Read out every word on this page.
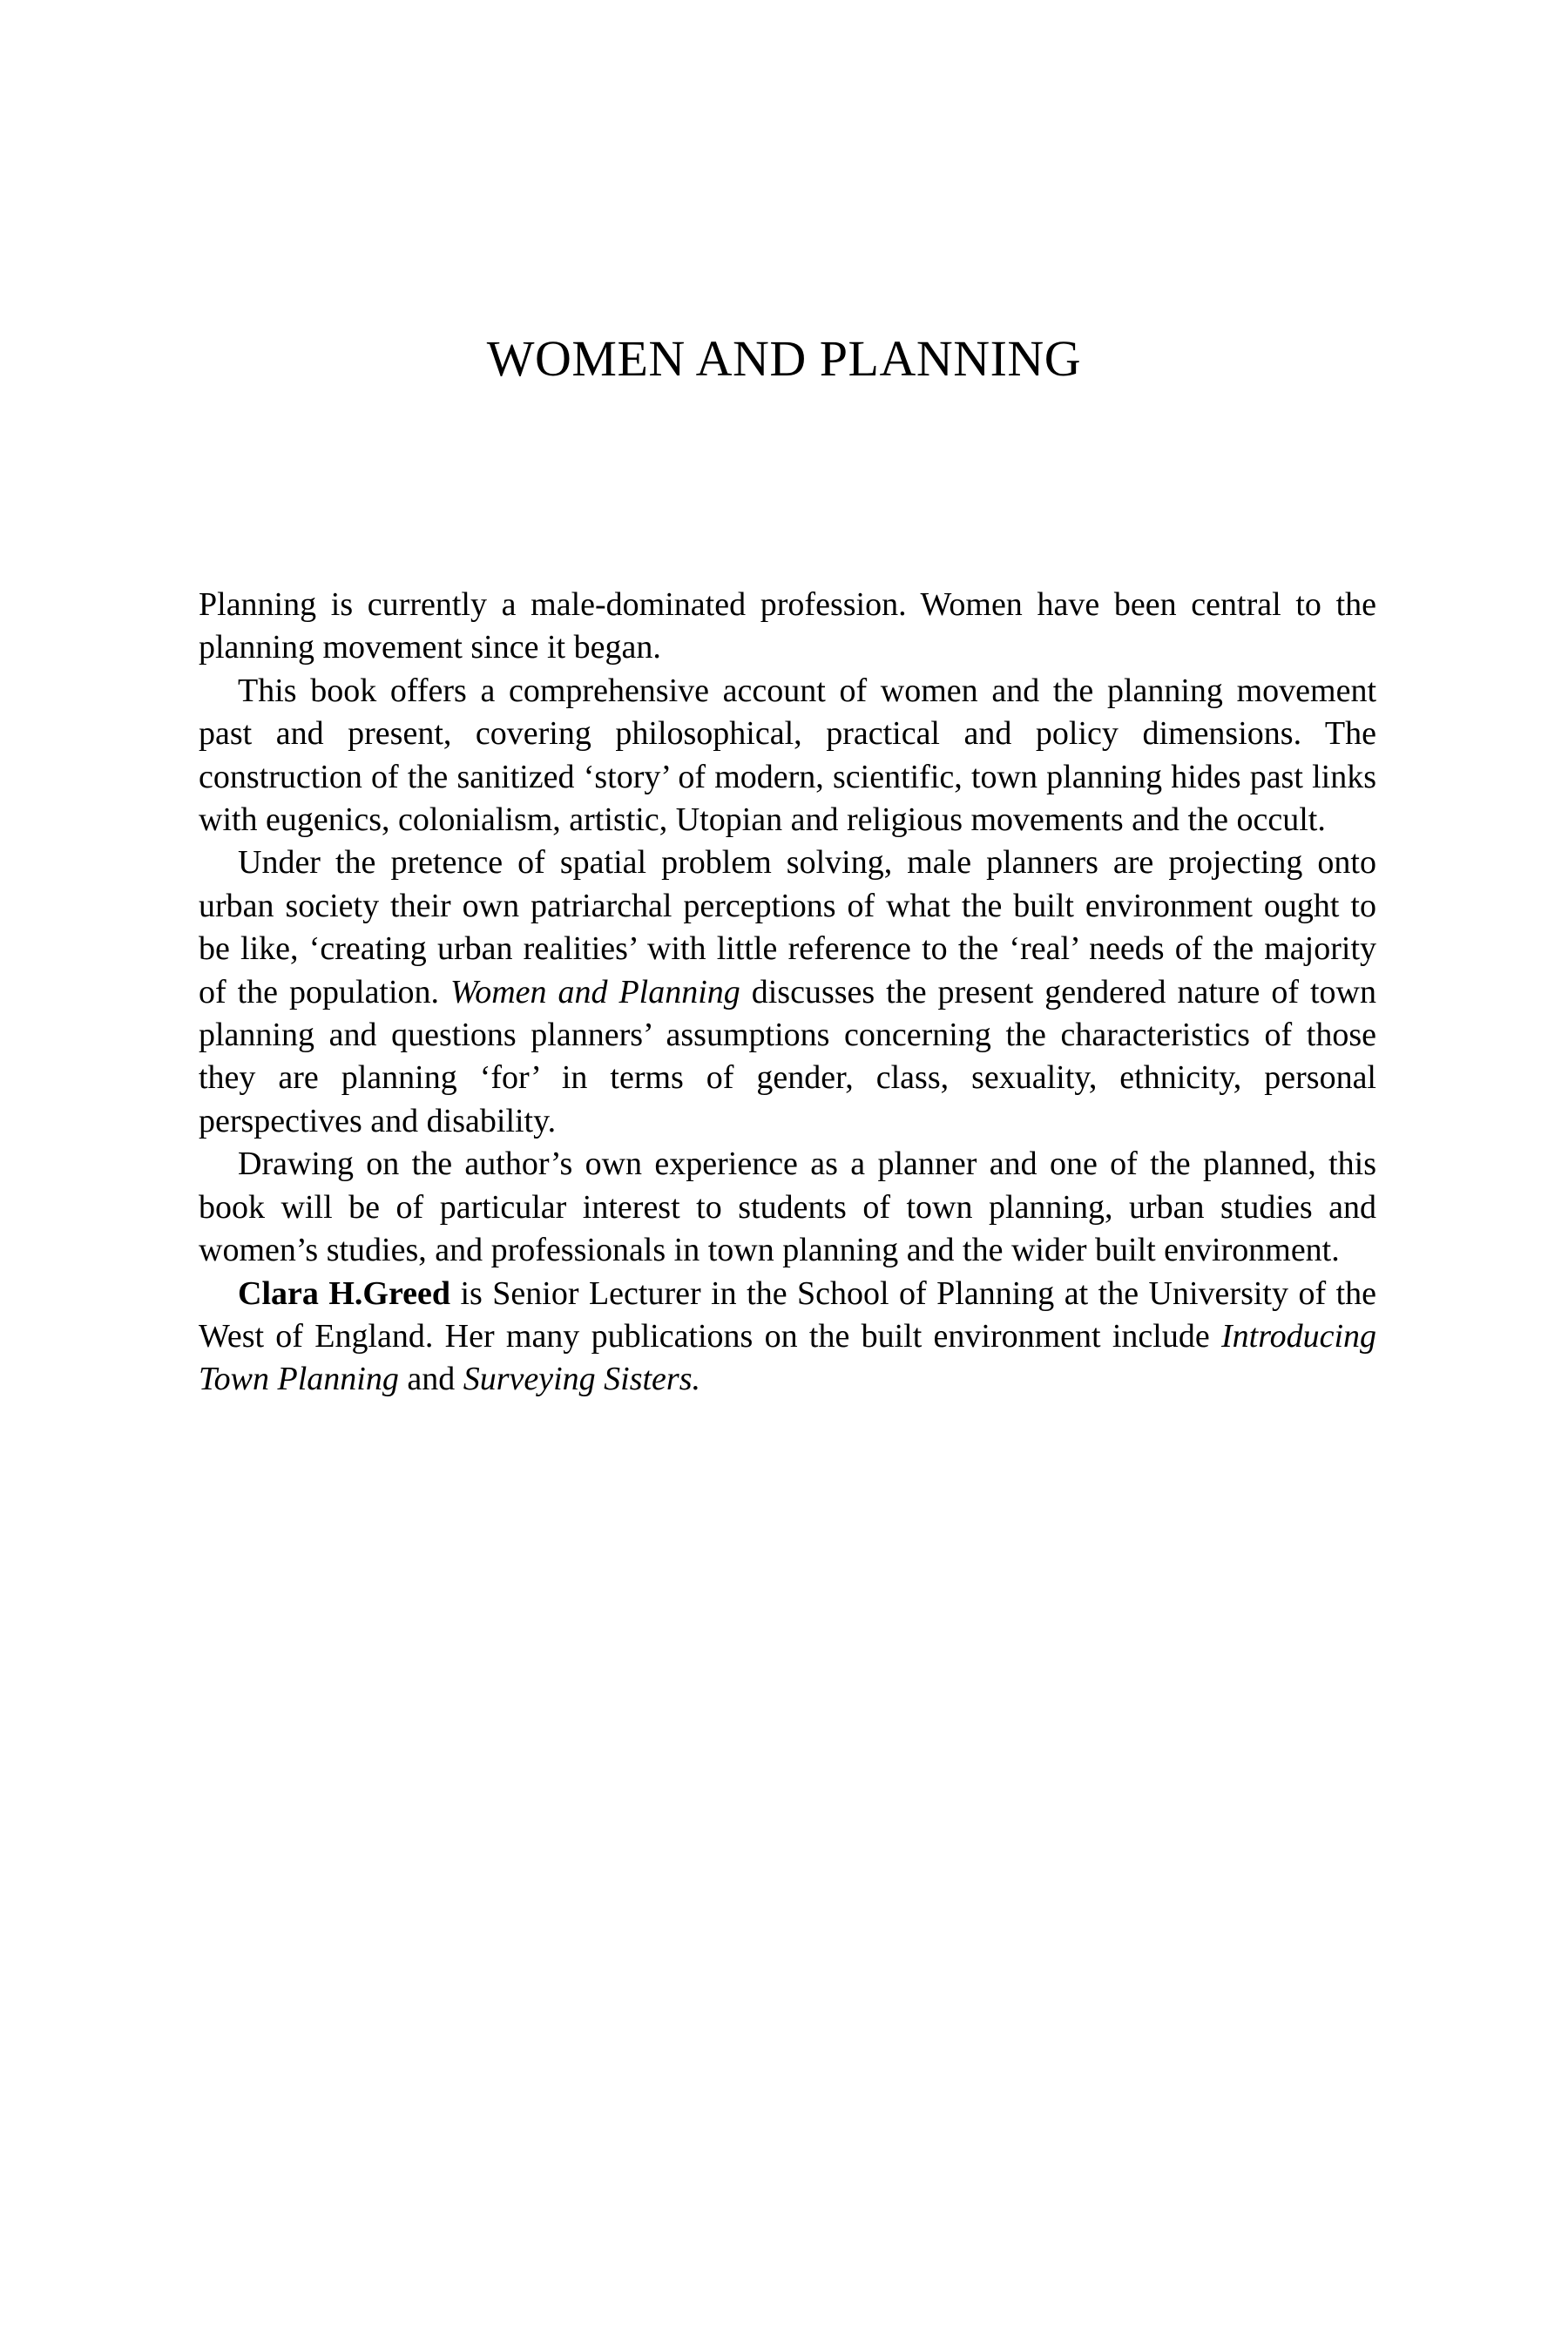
WOMEN AND PLANNING

Planning is currently a male-dominated profession. Women have been central to the planning movement since it began.

This book offers a comprehensive account of women and the planning movement past and present, covering philosophical, practical and policy dimensions. The construction of the sanitized ‘story’ of modern, scientific, town planning hides past links with eugenics, colonialism, artistic, Utopian and religious movements and the occult.

Under the pretence of spatial problem solving, male planners are projecting onto urban society their own patriarchal perceptions of what the built environment ought to be like, ‘creating urban realities’ with little reference to the ‘real’ needs of the majority of the population. Women and Planning discusses the present gendered nature of town planning and questions planners’ assumptions concerning the characteristics of those they are planning ‘for’ in terms of gender, class, sexuality, ethnicity, personal perspectives and disability.

Drawing on the author’s own experience as a planner and one of the planned, this book will be of particular interest to students of town planning, urban studies and women’s studies, and professionals in town planning and the wider built environment.

Clara H.Greed is Senior Lecturer in the School of Planning at the University of the West of England. Her many publications on the built environment include Introducing Town Planning and Surveying Sisters.
